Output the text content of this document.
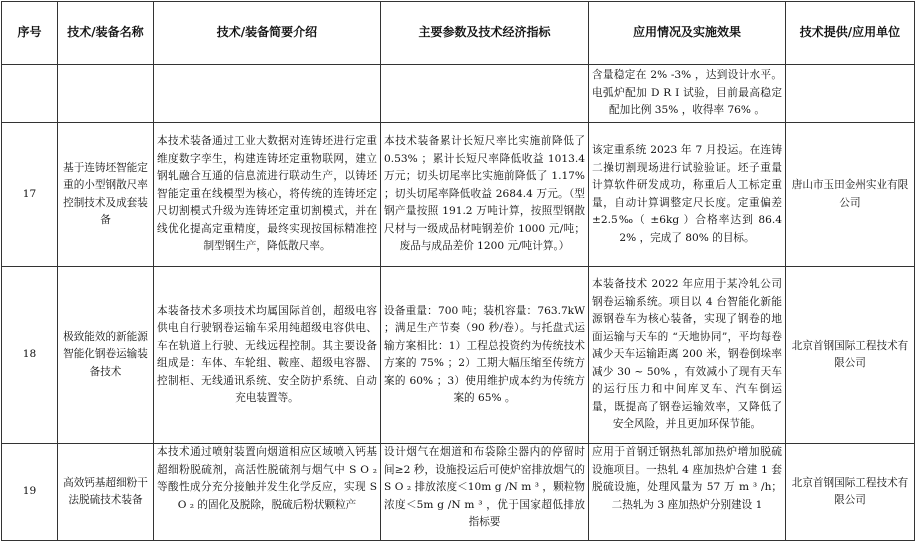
序号	技术/装备名称	技术/装备简要介绍	主要参数及技术经济指标	应用情况及实施效果	技术提供/应用单位
				含量稳定在 2% -3% ，达到设计水平。电弧炉配加 D R I 试验，目前最高稳定配加比例 35% ，收得率 76% 。	
17	基于连铸坯智能定重的小型钢散尺率控制技术及成套装备	本技术装备通过工业大数据对连铸坯进行定重维度数字孪生，构建连铸坯定重物联网，建立钢轧融合互通的信息流进行联动生产，以铸坯智能定重在线模型为核心，将传统的连铸坯定尺切割模式升级为连铸坯定重切割模式，并在线优化提高定重精度，最终实现按国标精准控制型钢生产，降低散尺率。	本技术装备累计长短尺率比实施前降低了 0.53% ；累计长短尺率降低收益 1013.4 万元；切头切尾率比实施前降低了 1.17% ；切头切尾率降低收益 2684.4 万元。（型钢产量按照 191.2 万吨计算，按照型钢散尺材与一级成品材吨钢差价 1000 元/吨；废品与成品差价 1200 元/吨计算。）	该定重系统 2023 年 7 月投运。在连铸二操切割现场进行试验验证。坯子重量计算软件研发成功，称重后人工标定重量，自动计算调整定尺长度。定重偏差 ±2.5‰（ ±6kg ）合格率达到 86.42% ，完成了 80% 的目标。	唐山市玉田金州实业有限公司
18	极致能效的新能源智能化钢卷运输装备技术	本装备技术多项技术均属国际首创，超级电容供电自行驶钢卷运输车采用纯超级电容供电、车在轨道上行驶、无线远程控制。其主要设备组成是：车体、车轮组、鞍座、超级电容器、控制柜、无线通讯系统、安全防护系统、自动充电装置等。	设备重量：700 吨；装机容量：763.7kW ；满足生产节奏（90 秒/卷）。与托盘式运输方案相比：1）工程总投资约为传统技术方案的 75% ；2）工期大幅压缩至传统方案的 60% ；3）使用维护成本约为传统方案的 65% 。	本装备技术 2022 年应用于某冷轧公司钢卷运输系统。项目以 4 台智能化新能源钢卷车为核心装备，实现了钢卷的地面运输与天车的 “天地协同”，平均每卷减少天车运输距离 200 米，钢卷倒垛率减少 30 ~ 50% ，有效减小了现有天车的运行压力和中间库叉车、汽车倒运量，既提高了钢卷运输效率，又降低了安全风险，并且更加环保节能。	北京首钢国际工程技术有限公司
19	高效钙基超细粉干法脱硫技术装备	本技术通过喷射装置向烟道相应区域喷入钙基超细粉脱硫剂，高活性脱硫剂与烟气中 S O ₂ 等酸性成分充分接触并发生化学反应，实现 S O ₂ 的固化及脱除，脱硫后粉状颗粒产	设计烟气在烟道和布袋除尘器内的停留时间≥2 秒，设施投运后可使炉窑排放烟气的 S O ₂ 排放浓度＜10m g /N m ³ ，颗粒物浓度＜5m g /N m ³ ，优于国家超低排放指标要	应用于首钢迁钢热轧部加热炉增加脱硫设施项目。一热轧 4 座加热炉合建 1 套脱硫设施，处理风量为 57 万 m ³ /h；二热轧为 3 座加热炉分别建设 1	北京首钢国际工程技术有限公司
